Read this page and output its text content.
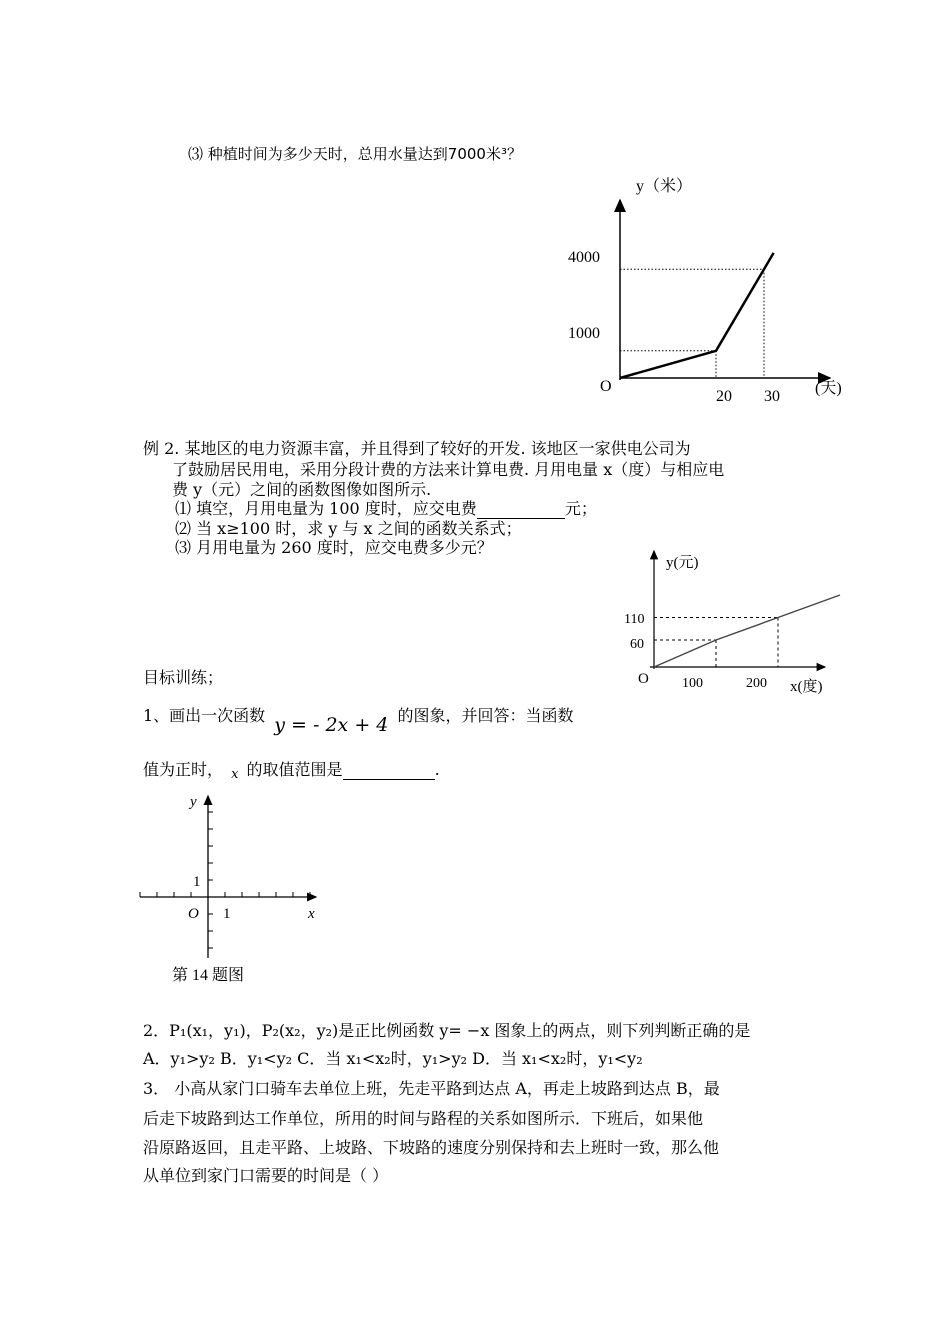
⑶ 种植时间为多少天时，总用水量达到7000米³？
y（米）
(天)
O
4000
1000
20 30
例 2. 某地区的电力资源丰富，并且得到了较好的开发. 该地区一家供电公司为
了鼓励居民用电，采用分段计费的方法来计算电费. 月用电量 x（度）与相应电
费 y（元）之间的函数图像如图所示.
⑴ 填空，月用电量为 100 度时，应交电费	元；
⑵ 当 x≥100 时，求 y 与 x 之间的函数关系式；
⑶ 月用电量为 260 度时，应交电费多少元？
y(元)
x(度)
O
110
60
100	200
目标训练；
1、画出一次函数 y = - 2x + 4 的图象，并回答：当函数
值为正时， x 的取值范围是	.
y
x
O 1
1
第 14 题图
2．P₁(x₁，y₁)，P₂(x₂，y₂)是正比例函数 y= −x 图象上的两点，则下列判断正确的是
A．y₁>y₂ B．y₁<y₂ C．当 x₁<x₂时，y₁>y₂ D．当 x₁<x₂时，y₁<y₂
3． 小高从家门口骑车去单位上班，先走平路到达点 A，再走上坡路到达点 B，最
后走下坡路到达工作单位，所用的时间与路程的关系如图所示．下班后，如果他
沿原路返回，且走平路、上坡路、下坡路的速度分别保持和去上班时一致，那么他
从单位到家门口需要的时间是（ ）
